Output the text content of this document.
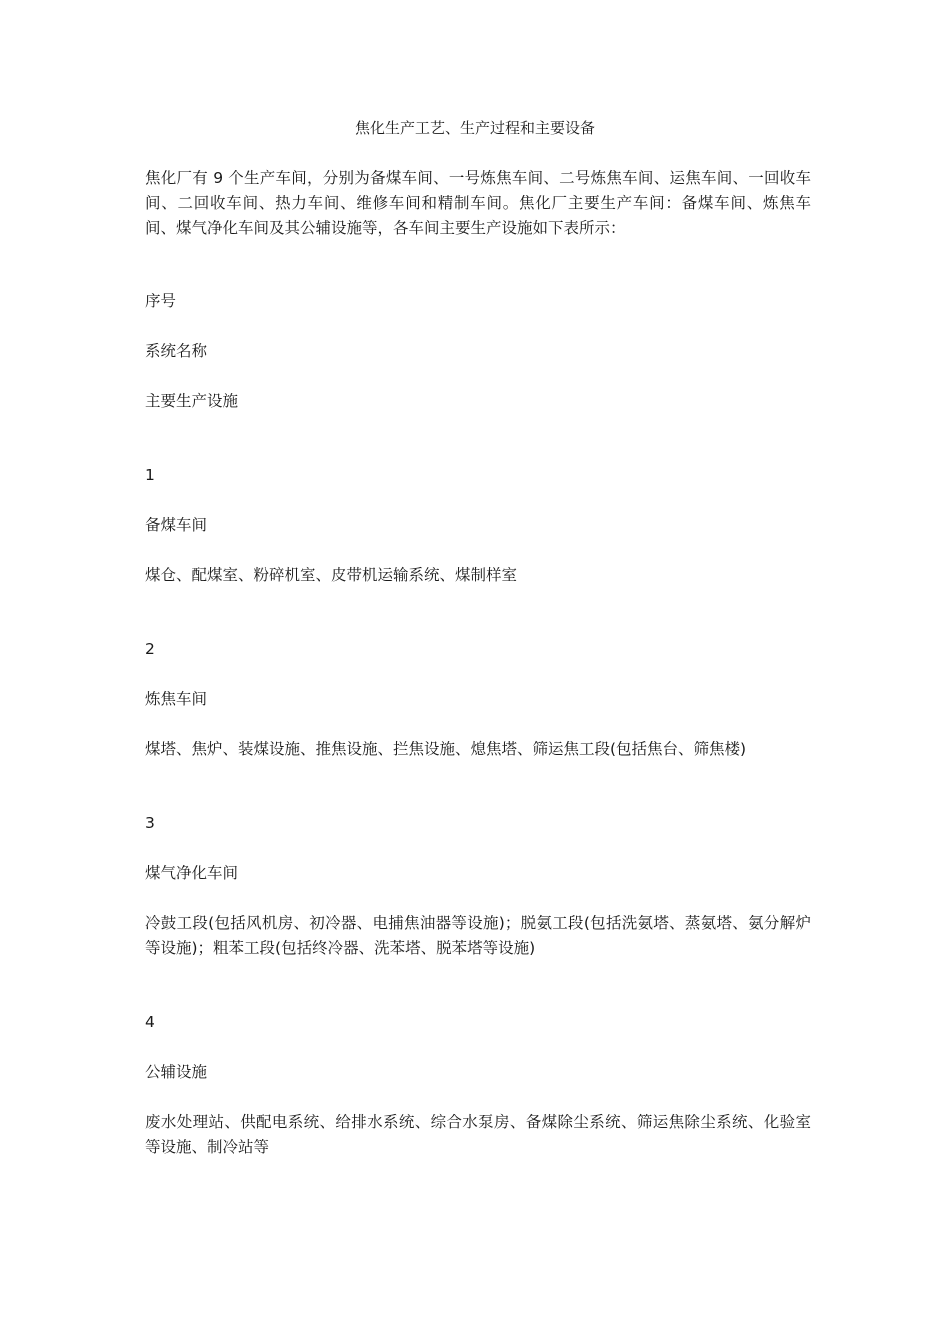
焦化生产工艺、生产过程和主要设备
焦化厂有 9 个生产车间，分别为备煤车间、一号炼焦车间、二号炼焦车间、运焦车间、一回收车间、二回收车间、热力车间、维修车间和精制车间。焦化厂主要生产车间：备煤车间、炼焦车间、煤气净化车间及其公辅设施等，各车间主要生产设施如下表所示：
序号
系统名称
主要生产设施
1
备煤车间
煤仓、配煤室、粉碎机室、皮带机运输系统、煤制样室
2
炼焦车间
煤塔、焦炉、装煤设施、推焦设施、拦焦设施、熄焦塔、筛运焦工段(包括焦台、筛焦楼)
3
煤气净化车间
冷鼓工段(包括风机房、初冷器、电捕焦油器等设施)；脱氨工段(包括洗氨塔、蒸氨塔、氨分解炉等设施)；粗苯工段(包括终冷器、洗苯塔、脱苯塔等设施)
4
公辅设施
废水处理站、供配电系统、给排水系统、综合水泵房、备煤除尘系统、筛运焦除尘系统、化验室等设施、制冷站等
